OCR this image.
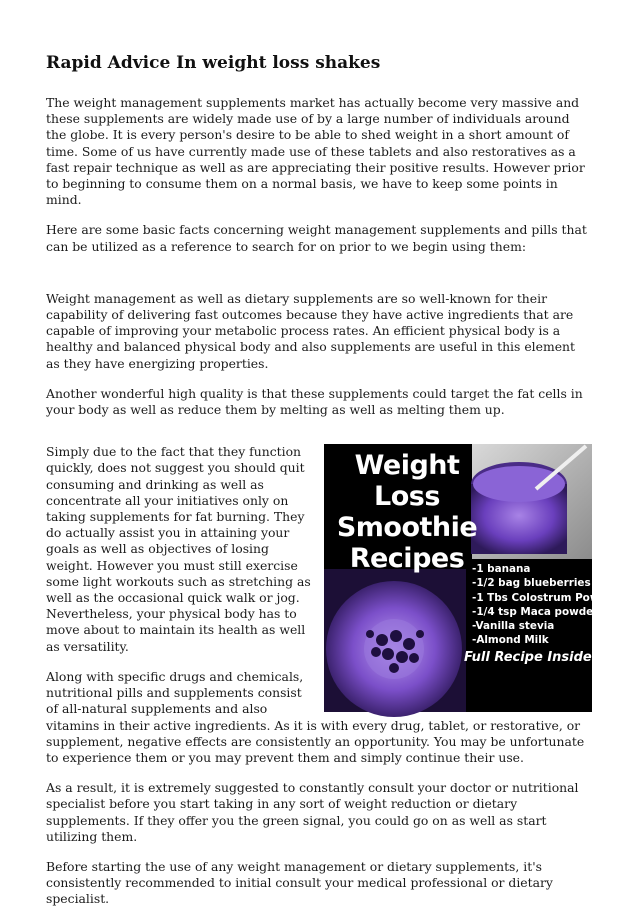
Rapid Advice In weight loss shakes

The weight management supplements market has actually become very massive and these supplements are widely made use of by a large number of individuals around the globe. It is every person's desire to be able to shed weight in a short amount of time. Some of us have currently made use of these tablets and also restoratives as a fast repair technique as well as are appreciating their positive results. However prior to beginning to consume them on a normal basis, we have to keep some points in mind.

Here are some basic facts concerning weight management supplements and pills that can be utilized as a reference to search for on prior to we begin using them:

Weight management as well as dietary supplements are so well-known for their capability of delivering fast outcomes because they have active ingredients that are capable of improving your metabolic process rates. An efficient physical body is a healthy and balanced physical body and also supplements are useful in this element as they have energizing properties.

Another wonderful high quality is that these supplements could target the fat cells in your body as well as reduce them by melting as well as melting them up.

Weight Loss
Smoothie
Recipes -1 banana
-1/2 bag blueberries
-1 Tbs Colostrum Powder
-1/4 tsp Maca powder
-Vanilla stevia
-Almond Milk
Full Recipe Inside

Simply due to the fact that they function quickly, does not suggest you should quit consuming and drinking as well as concentrate all your initiatives only on taking supplements for fat burning. They do actually assist you in attaining your goals as well as objectives of losing weight. However you must still exercise some light workouts such as stretching as well as the occasional quick walk or jog. Nevertheless, your physical body has to move about to maintain its health as well as versatility.

Along with specific drugs and chemicals, nutritional pills and supplements consist of all-natural supplements and also vitamins in their active ingredients. As it is with every drug, tablet, or restorative, or supplement, negative effects are consistently an opportunity. You may be unfortunate to experience them or you may prevent them and simply continue their use.

As a result, it is extremely suggested to constantly consult your doctor or nutritional specialist before you start taking in any sort of weight reduction or dietary supplements. If they offer you the green signal, you could go on as well as start utilizing them.

Before starting the use of any weight management or dietary supplements, it's consistently recommended to initial consult your medical professional or dietary specialist.
